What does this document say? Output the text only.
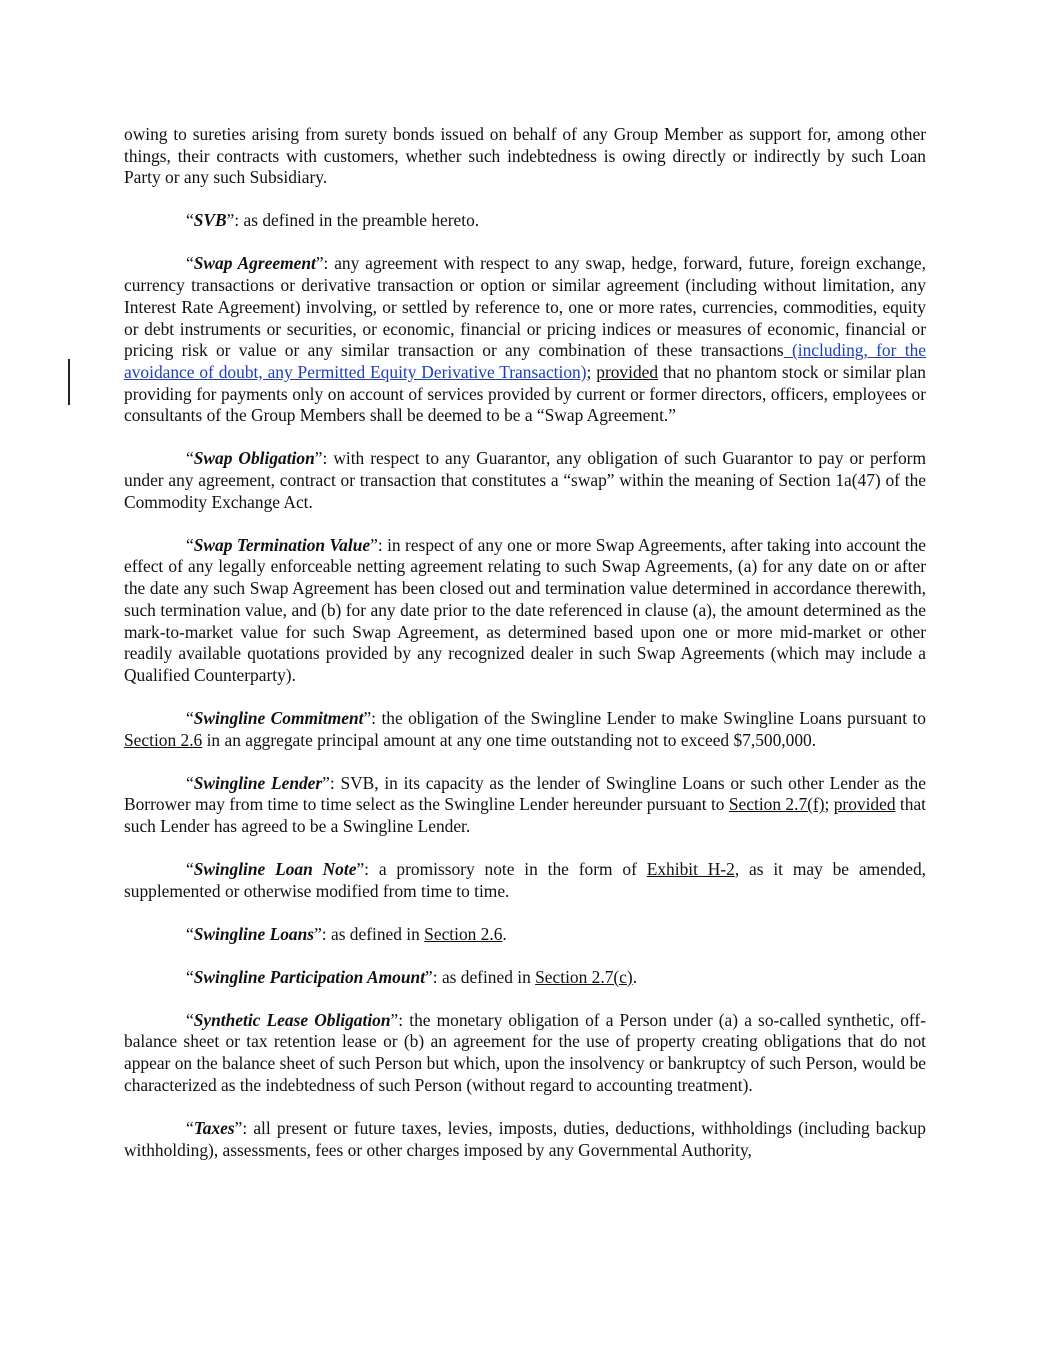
owing to sureties arising from surety bonds issued on behalf of any Group Member as support for, among other things, their contracts with customers, whether such indebtedness is owing directly or indirectly by such Loan Party or any such Subsidiary.

“SVB”: as defined in the preamble hereto.

“Swap Agreement”: any agreement with respect to any swap, hedge, forward, future, foreign exchange, currency transactions or derivative transaction or option or similar agreement (including without limitation, any Interest Rate Agreement) involving, or settled by reference to, one or more rates, currencies, commodities, equity or debt instruments or securities, or economic, financial or pricing indices or measures of economic, financial or pricing risk or value or any similar transaction or any combination of these transactions (including, for the avoidance of doubt, any Permitted Equity Derivative Transaction); provided that no phantom stock or similar plan providing for payments only on account of services provided by current or former directors, officers, employees or consultants of the Group Members shall be deemed to be a “Swap Agreement.”

“Swap Obligation”: with respect to any Guarantor, any obligation of such Guarantor to pay or perform under any agreement, contract or transaction that constitutes a “swap” within the meaning of Section 1a(47) of the Commodity Exchange Act.

“Swap Termination Value”: in respect of any one or more Swap Agreements, after taking into account the effect of any legally enforceable netting agreement relating to such Swap Agreements, (a) for any date on or after the date any such Swap Agreement has been closed out and termination value determined in accordance therewith, such termination value, and (b) for any date prior to the date referenced in clause (a), the amount determined as the mark-to-market value for such Swap Agreement, as determined based upon one or more mid-market or other readily available quotations provided by any recognized dealer in such Swap Agreements (which may include a Qualified Counterparty).

“Swingline Commitment”: the obligation of the Swingline Lender to make Swingline Loans pursuant to Section 2.6 in an aggregate principal amount at any one time outstanding not to exceed $7,500,000.

“Swingline Lender”: SVB, in its capacity as the lender of Swingline Loans or such other Lender as the Borrower may from time to time select as the Swingline Lender hereunder pursuant to Section 2.7(f); provided that such Lender has agreed to be a Swingline Lender.

“Swingline Loan Note”: a promissory note in the form of Exhibit H-2, as it may be amended, supplemented or otherwise modified from time to time.

“Swingline Loans”: as defined in Section 2.6.

“Swingline Participation Amount”: as defined in Section 2.7(c).

“Synthetic Lease Obligation”: the monetary obligation of a Person under (a) a so-called synthetic, off-balance sheet or tax retention lease or (b) an agreement for the use of property creating obligations that do not appear on the balance sheet of such Person but which, upon the insolvency or bankruptcy of such Person, would be characterized as the indebtedness of such Person (without regard to accounting treatment).

“Taxes”: all present or future taxes, levies, imposts, duties, deductions, withholdings (including backup withholding), assessments, fees or other charges imposed by any Governmental Authority,
